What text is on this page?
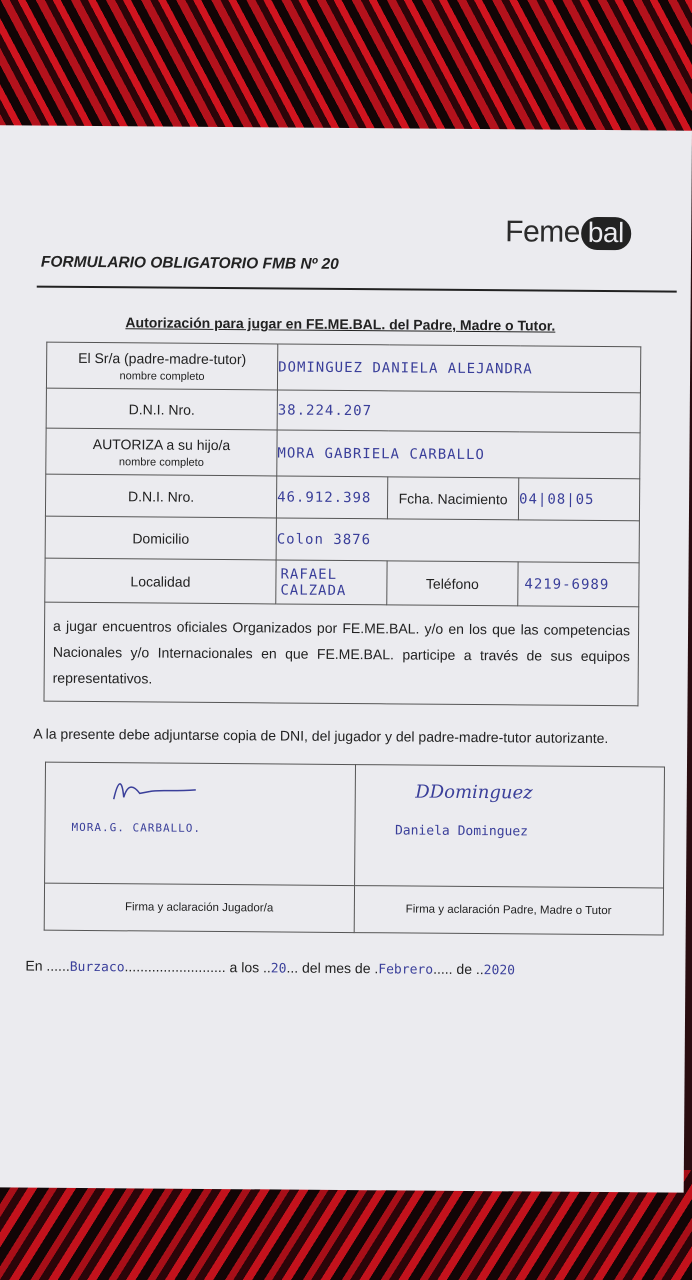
Feme bal
FORMULARIO OBLIGATORIO FMB Nº 20
Autorización para jugar en FE.ME.BAL. del Padre, Madre o Tutor.
El Sr/a (padre-madre-tutor)
nombre completo	DOMINGUEZ DANIELA ALEJANDRA		
D.N.I. Nro.	38.224.207		
AUTORIZA a su hijo/a
nombre completo	MORA GABRIELA CARBALLO		
D.N.I. Nro.	46.912.398	Fcha. Nacimiento	04|08|05
Domicilio	Colon 3876		
Localidad	RAFAEL CALZADA	Teléfono	4219-6989
a jugar encuentros oficiales Organizados por FE.ME.BAL. y/o en los que las competencias Nacionales y/o Internacionales en que FE.ME.BAL. participe a través de sus equipos representativos.			
A la presente debe adjuntarse copia de DNI, del jugador y del padre-madre-tutor autorizante.
MORA.G. CARBALLO.	DDominguez
Daniela Dominguez

Firma y aclaración Jugador/a	Firma y aclaración Padre, Madre o Tutor
En ......Burzaco.......................... a los ..20... del mes de .Febrero..... de ..2020
